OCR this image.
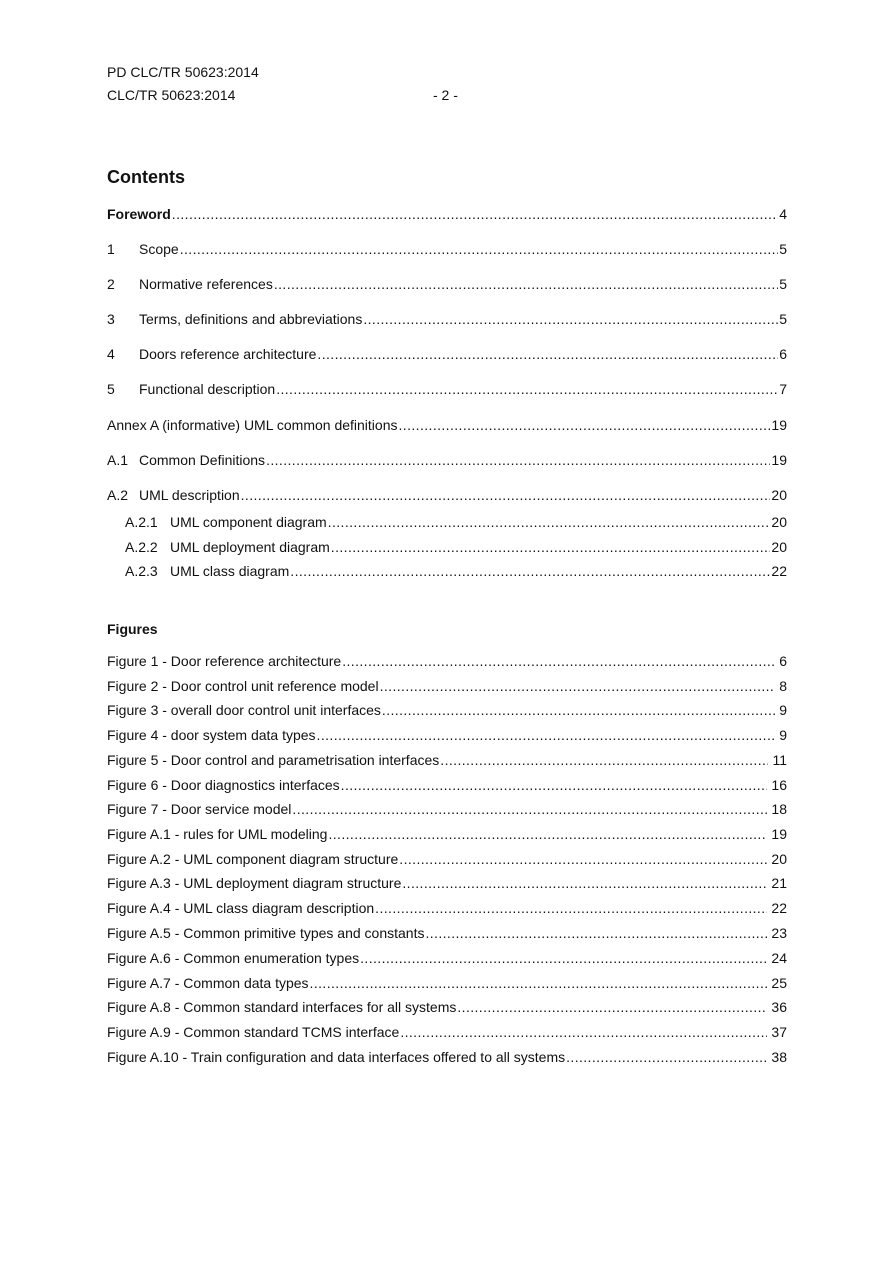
PD CLC/TR 50623:2014
CLC/TR 50623:2014	- 2 -
Contents
Foreword .....	4
1	Scope .....	5
2	Normative references .....	5
3	Terms, definitions and abbreviations .....	5
4	Doors reference architecture .....	6
5	Functional description .....	7
Annex A (informative) UML common definitions .....	19
A.1 Common Definitions .....	19
A.2 UML description .....	20
A.2.1 UML component diagram .....	20
A.2.2 UML deployment diagram .....	20
A.2.3 UML class diagram .....	22
Figures
Figure 1 - Door reference architecture .....	6
Figure 2 - Door control unit reference model .....	8
Figure 3 - overall door control unit interfaces .....	9
Figure 4 - door system data types .....	9
Figure 5 - Door control and parametrisation interfaces .....	11
Figure 6 - Door diagnostics interfaces .....	16
Figure 7 - Door service model .....	18
Figure A.1 - rules for UML modeling .....	19
Figure A.2 - UML component diagram structure .....	20
Figure A.3 - UML deployment diagram structure .....	21
Figure A.4 - UML class diagram description .....	22
Figure A.5 - Common primitive types and constants .....	23
Figure A.6 - Common enumeration types .....	24
Figure A.7 - Common data types .....	25
Figure A.8 - Common standard interfaces for all systems .....	36
Figure A.9 - Common standard TCMS interface .....	37
Figure A.10 - Train configuration and data interfaces offered to all systems .....	38
